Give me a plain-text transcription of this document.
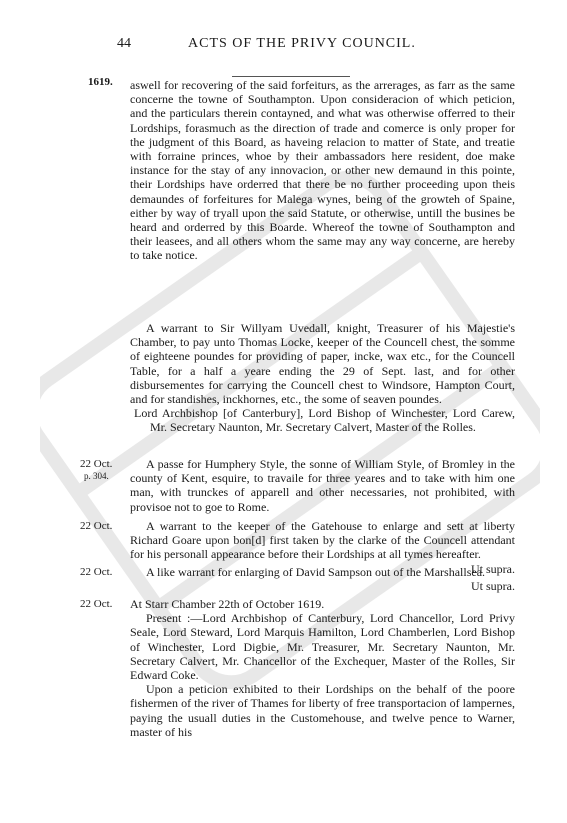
44	ACTS OF THE PRIVY COUNCIL.
1619. aswell for recovering of the said forfeiturs, as the arrerages, as farr as the same concerne the towne of Southampton. Upon consideracion of which peticion, and the particulars therein contayned, and what was otherwise offerred to their Lordships, forasmuch as the direction of trade and comerce is only proper for the judgment of this Board, as haveing relacion to matter of State, and treatie with forraine princes, whoe by their ambassadors here resident, doe make instance for the stay of any innovacion, or other new demaund in this pointe, their Lordships have orderred that there be no further proceeding upon theis demaundes of forfeitures for Malega wynes, being of the growteh of Spaine, either by way of tryall upon the said Statute, or otherwise, untill the busines be heard and orderred by this Boarde. Whereof the towne of Southampton and their leasees, and all others whom the same may any way concerne, are hereby to take notice.

A warrant to Sir Willyam Uvedall, knight, Treasurer of his Majestie's Chamber, to pay unto Thomas Locke, keeper of the Councell chest, the somme of eighteene poundes for providing of paper, incke, wax etc., for the Councell Table, for a half a yeare ending the 29 of Sept. last, and for other disbursementes for carrying the Councell chest to Windsore, Hampton Court, and for standishes, inckhornes, etc., the some of seaven poundes.

Lord Archbishop [of Canterbury], Lord Bishop of Winchester, Lord Carew, Mr. Secretary Naunton, Mr. Secretary Calvert, Master of the Rolles.

22 Oct.
p. 304.

A passe for Humphery Style, the sonne of William Style, of Bromley in the county of Kent, esquire, to travaile for three yeares and to take with him one man, with trunckes of apparell and other necessaries, not prohibited, with provisoe not to goe to Rome.

22 Oct.	A warrant to the keeper of the Gatehouse to enlarge and sett at liberty Richard Goare upon bon[d] first taken by the clarke of the Councell attendant for his personall appearance before their Lordships at all tymes hereafter.
Ut supra.

22 Oct.	A like warrant for enlarging of David Sampson out of the Marshallsea.
Ut supra.

22 Oct.	At Starr Chamber 22th of October 1619.

Present :—Lord Archbishop of Canterbury, Lord Chancellor, Lord Privy Seale, Lord Steward, Lord Marquis Hamilton, Lord Chamberlen, Lord Bishop of Winchester, Lord Digbie, Mr. Treasurer, Mr. Secretary Naunton, Mr. Secretary Calvert, Mr. Chancellor of the Exchequer, Master of the Rolles, Sir Edward Coke.

Upon a peticion exhibited to their Lordships on the behalf of the poore fishermen of the river of Thames for liberty of free transportacion of lampernes, paying the usuall duties in the Customehouse, and twelve pence to Warner, master of his
